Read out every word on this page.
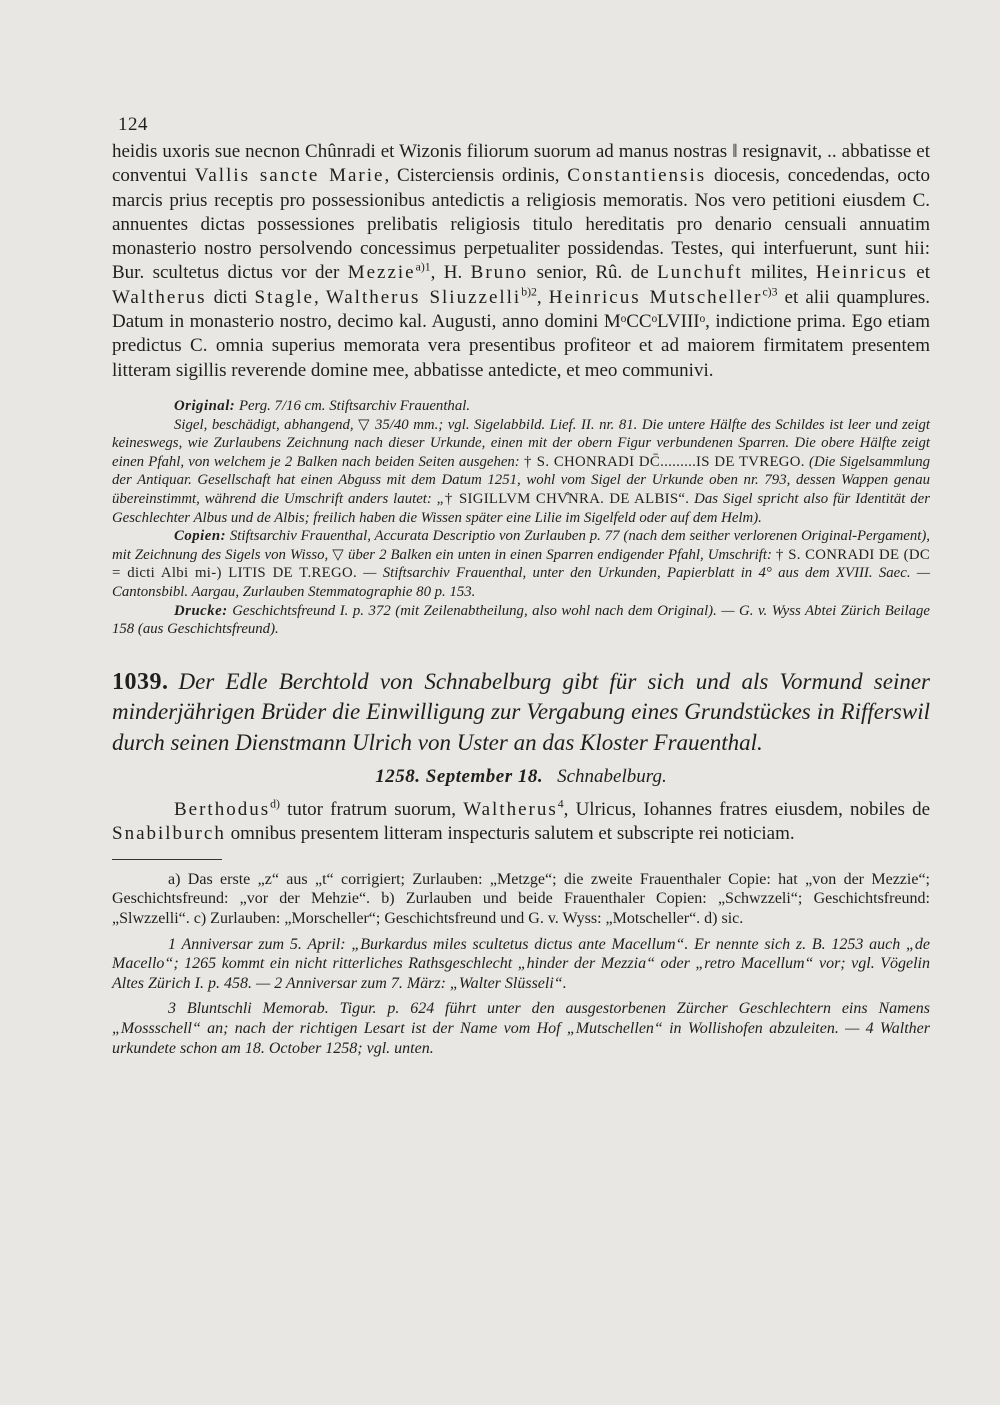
124

heidis uxoris sue necnon Chûnradi et Wizonis filiorum suorum ad manus nostras ‖ resignavit, .. abbatisse et conventui Vallis sancte Marie, Cisterciensis ordinis, Constantiensis diocesis, concedendas, octo marcis prius receptis pro possessionibus antedictis a religiosis memoratis. Nos vero petitioni eiusdem C. annuentes dictas possessiones prelibatis religiosis titulo hereditatis pro denario censuali annuatim monasterio nostro persolvendo concessimus perpetualiter possidendas. Testes, qui interfuerunt, sunt hii: Bur. scultetus dictus vor der Mezzie$^{a)1}$, H. Bruno senior, Rû. de Lunchuft milites, Heinricus et Waltherus dicti Stagle, Waltherus Sliuzzelli$^{b)2}$, Heinricus Mutscheller$^{c)3}$ et alii quamplures. Datum in monasterio nostro, decimo kal. Augusti, anno domini MᵒCCᵒLVIIIᵒ, indictione prima. Ego etiam predictus C. omnia superius memorata vera presentibus profiteor et ad maiorem firmitatem presentem litteram sigillis reverende domine mee, abbatisse antedicte, et meo communivi.

Original: Perg. 7/16 cm. Stiftsarchiv Frauenthal.

Sigel, beschädigt, abhangend, ▽ 35/40 mm.; vgl. Sigelabbild. Lief. II. nr. 81. Die untere Hälfte des Schildes ist leer und zeigt keineswegs, wie Zurlaubens Zeichnung nach dieser Urkunde, einen mit der obern Figur verbundenen Sparren. Die obere Hälfte zeigt einen Pfahl, von welchem je 2 Balken nach beiden Seiten ausgehen: † S. CHONRADI DC̄.........IS DE TVREGO. (Die Sigelsammlung der Antiquar. Gesellschaft hat einen Abguss mit dem Datum 1251, wohl vom Sigel der Urkunde oben nr. 793, dessen Wappen genau übereinstimmt, während die Umschrift anders lautet: „† SIGILLVM CHV̊NRA. DE ALBIS“. Das Sigel spricht also für Identität der Geschlechter Albus und de Albis; freilich haben die Wissen später eine Lilie im Sigelfeld oder auf dem Helm).

Copien: Stiftsarchiv Frauenthal, Accurata Descriptio von Zurlauben p. 77 (nach dem seither verlorenen Original-Pergament), mit Zeichnung des Sigels von Wisso, ▽ über 2 Balken ein unten in einen Sparren endigender Pfahl, Umschrift: † S. CONRADI DE (DC = dicti Albi mi-) LITIS DE T.REGO. — Stiftsarchiv Frauenthal, unter den Urkunden, Papierblatt in 4° aus dem XVIII. Saec. — Cantonsbibl. Aargau, Zurlauben Stemmatographie 80 p. 153.

Drucke: Geschichtsfreund I. p. 372 (mit Zeilenabtheilung, also wohl nach dem Original). — G. v. Wyss Abtei Zürich Beilage 158 (aus Geschichtsfreund).

1039. Der Edle Berchtold von Schnabelburg gibt für sich und als Vormund seiner minderjährigen Brüder die Einwilligung zur Vergabung eines Grundstückes in Rifferswil durch seinen Dienstmann Ulrich von Uster an das Kloster Frauenthal.
1258. September 18. Schnabelburg.

Berthodus$^{d)}$ tutor fratrum suorum, Waltherus$^4$, Ulricus, Iohannes fratres eiusdem, nobiles de Snabilburch omnibus presentem litteram inspecturis salutem et subscripte rei noticiam.

a) Das erste „z“ aus „t“ corrigiert; Zurlauben: „Metzge“; die zweite Frauenthaler Copie: hat „von der Mezzie“; Geschichtsfreund: „vor der Mehzie“. b) Zurlauben und beide Frauenthaler Copien: „Schwzzeli“; Geschichtsfreund: „Slwzzelli“. c) Zurlauben: „Morscheller“; Geschichtsfreund und G. v. Wyss: „Motscheller“. d) sic.

1 Anniversar zum 5. April: „Burkardus miles scultetus dictus ante Macellum“. Er nennte sich z. B. 1253 auch „de Macello“; 1265 kommt ein nicht ritterliches Rathsgeschlecht „hinder der Mezzia“ oder „retro Macellum“ vor; vgl. Vögelin Altes Zürich I. p. 458. — 2 Anniversar zum 7. März: „Walter Slüsseli“.

3 Bluntschli Memorab. Tigur. p. 624 führt unter den ausgestorbenen Zürcher Geschlechtern eins Namens „Mossschell“ an; nach der richtigen Lesart ist der Name vom Hof „Mutschellen“ in Wollishofen abzuleiten. — 4 Walther urkundete schon am 18. October 1258; vgl. unten.
